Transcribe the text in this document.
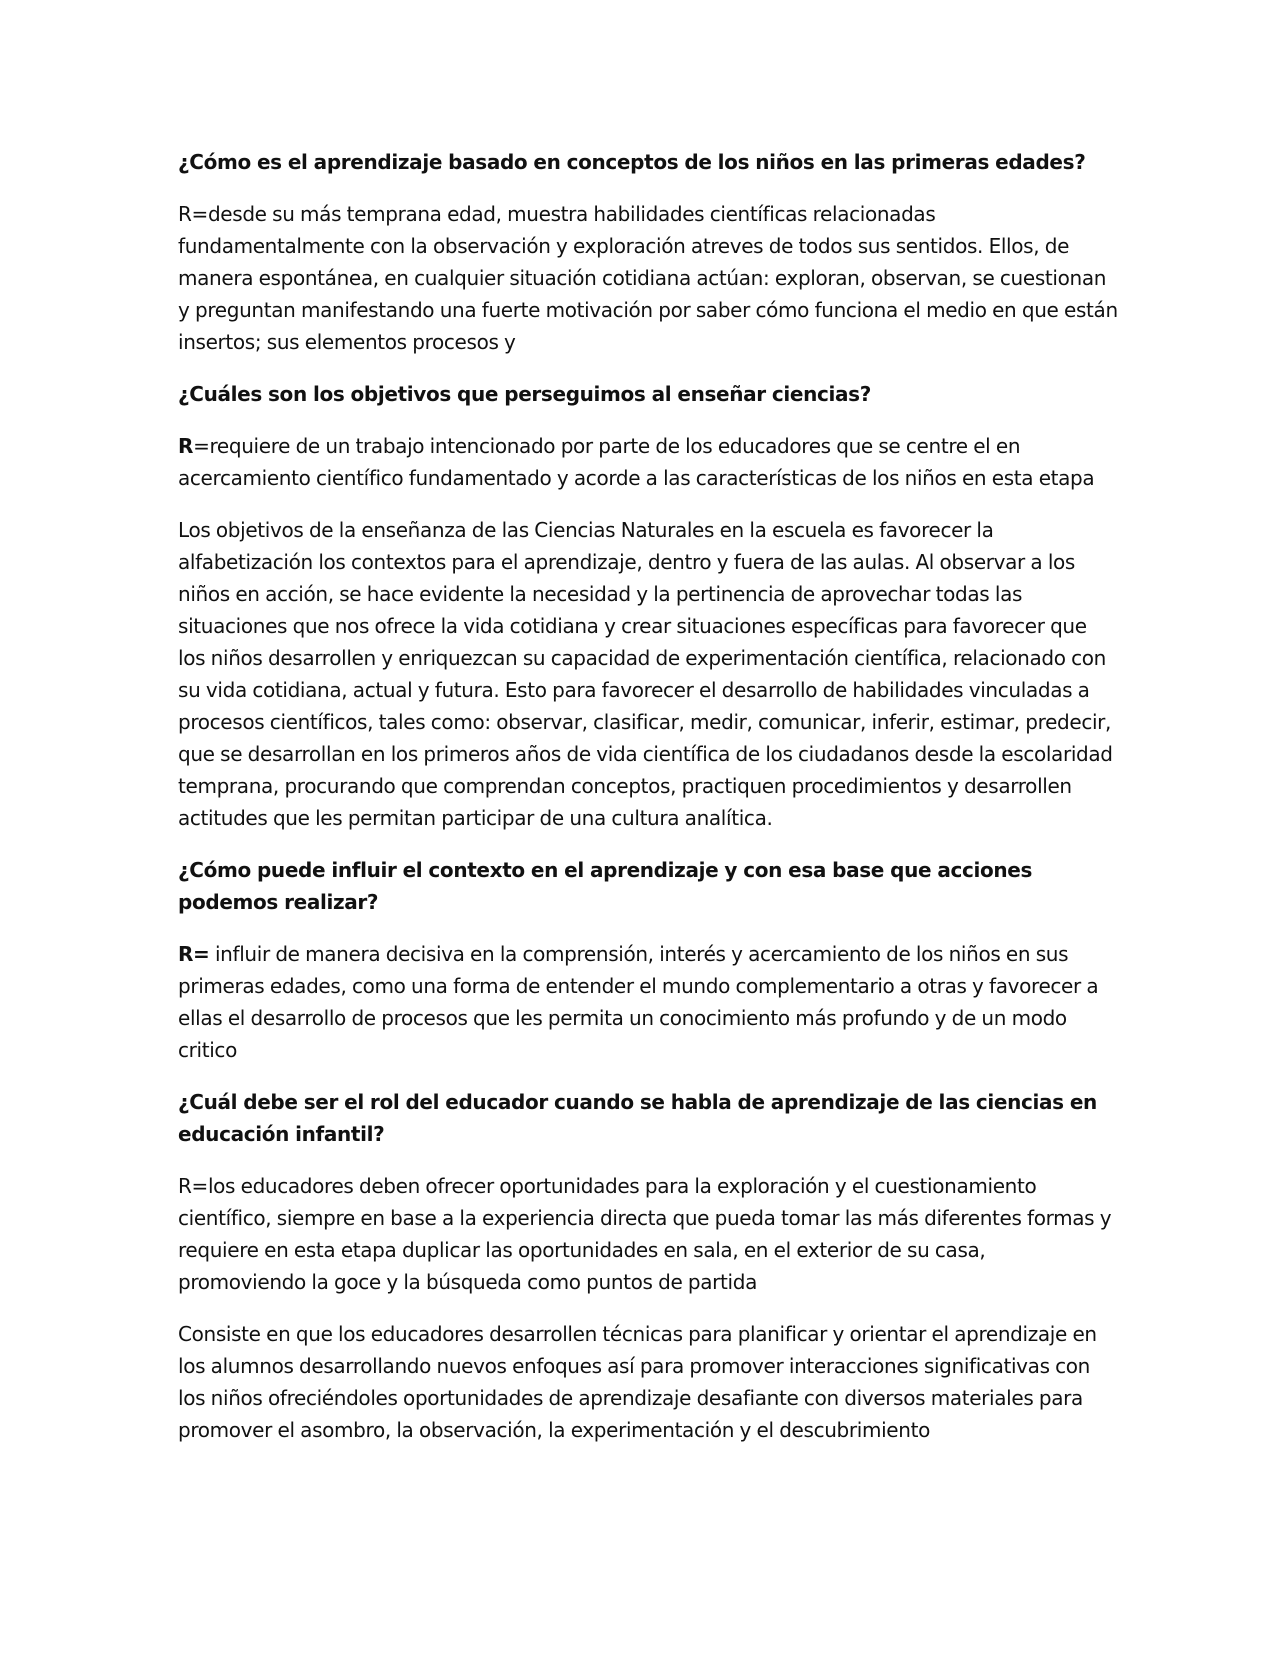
¿Cómo es el aprendizaje basado en conceptos de los niños en las primeras edades?

R=desde su más temprana edad, muestra habilidades científicas relacionadas fundamentalmente con la observación y exploración atreves de todos sus sentidos. Ellos, de manera espontánea, en cualquier situación cotidiana actúan: exploran, observan, se cuestionan y preguntan manifestando una fuerte motivación por saber cómo funciona el medio en que están insertos; sus elementos procesos y

¿Cuáles son los objetivos que perseguimos al enseñar ciencias?

R=requiere de un trabajo intencionado por parte de los educadores que se centre el en acercamiento científico fundamentado y acorde a las características de los niños en esta etapa

Los objetivos de la enseñanza de las Ciencias Naturales en la escuela es favorecer la alfabetización los contextos para el aprendizaje, dentro y fuera de las aulas. Al observar a los niños en acción, se hace evidente la necesidad y la pertinencia de aprovechar todas las situaciones que nos ofrece la vida cotidiana y crear situaciones específicas para favorecer que los niños desarrollen y enriquezcan su capacidad de experimentación científica, relacionado con su vida cotidiana, actual y futura. Esto para favorecer el desarrollo de habilidades vinculadas a procesos científicos, tales como: observar, clasificar, medir, comunicar, inferir, estimar, predecir, que se desarrollan en los primeros años de vida científica de los ciudadanos desde la escolaridad temprana, procurando que comprendan conceptos, practiquen procedimientos y desarrollen actitudes que les permitan participar de una cultura analítica.

¿Cómo puede influir el contexto en el aprendizaje y con esa base que acciones podemos realizar?

R= influir de manera decisiva en la comprensión, interés y acercamiento de los niños en sus primeras edades, como una forma de entender el mundo complementario a otras y favorecer a ellas el desarrollo de procesos que les permita un conocimiento más profundo y de un modo critico

¿Cuál debe ser el rol del educador cuando se habla de aprendizaje de las ciencias en educación infantil?

R=los educadores deben ofrecer oportunidades para la exploración y el cuestionamiento científico, siempre en base a la experiencia directa que pueda tomar las más diferentes formas y requiere en esta etapa duplicar las oportunidades en sala, en el exterior de su casa, promoviendo la goce y la búsqueda como puntos de partida

Consiste en que los educadores desarrollen técnicas para planificar y orientar el aprendizaje en los alumnos desarrollando nuevos enfoques así para promover interacciones significativas con los niños ofreciéndoles oportunidades de aprendizaje desafiante con diversos materiales para promover el asombro, la observación, la experimentación y el descubrimiento
